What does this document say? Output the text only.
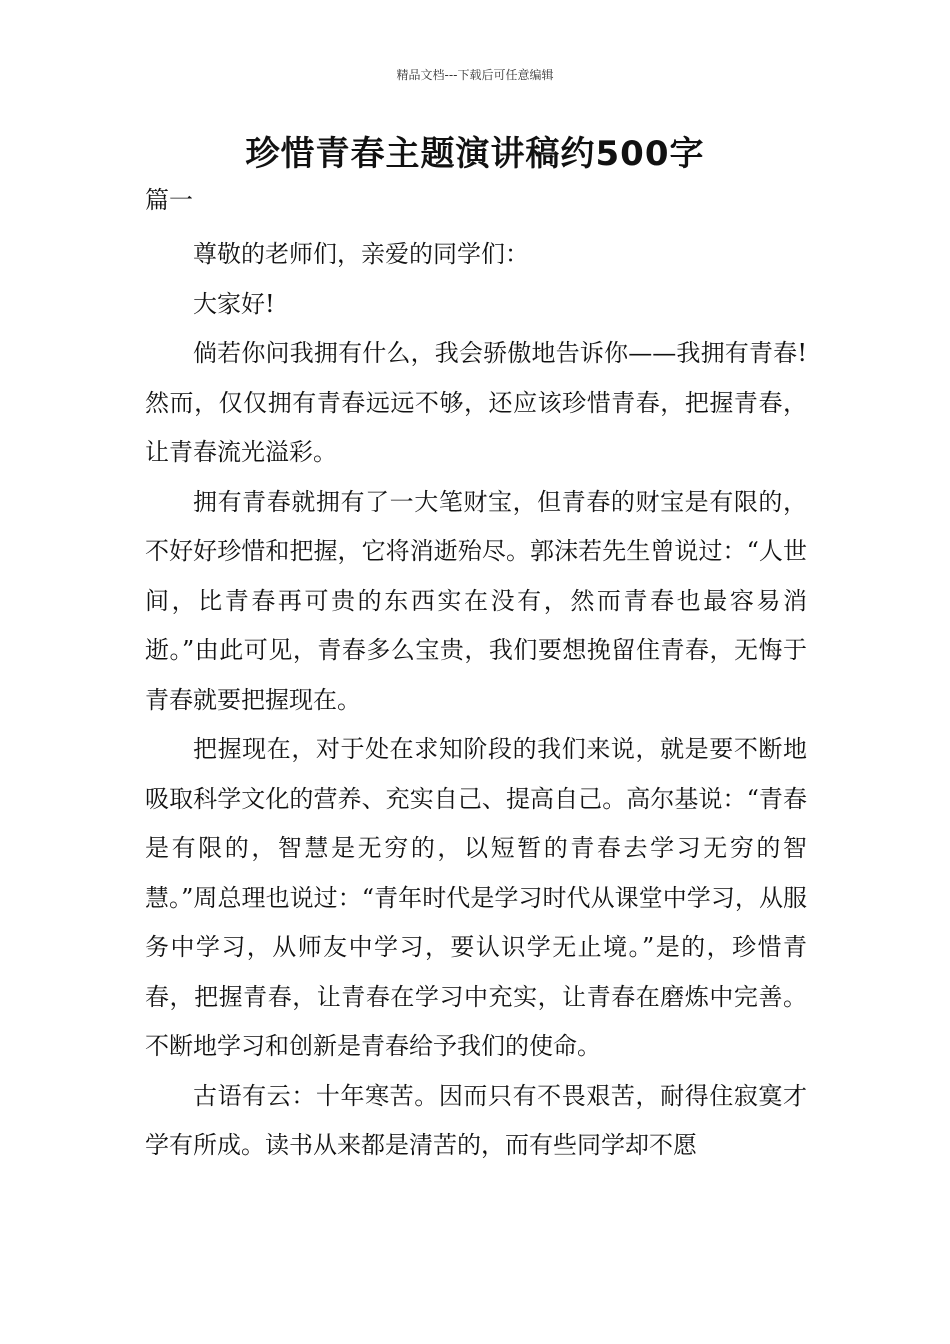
精品文档---下载后可任意编辑
珍惜青春主题演讲稿约500字
篇一

尊敬的老师们，亲爱的同学们：

大家好!

倘若你问我拥有什么，我会骄傲地告诉你——我拥有青春!然而，仅仅拥有青春远远不够，还应该珍惜青春，把握青春，让青春流光溢彩。

拥有青春就拥有了一大笔财宝，但青春的财宝是有限的，不好好珍惜和把握，它将消逝殆尽。郭沫若先生曾说过：“人世间，比青春再可贵的东西实在没有，然而青春也最容易消逝。”由此可见，青春多么宝贵，我们要想挽留住青春，无悔于青春就要把握现在。

把握现在，对于处在求知阶段的我们来说，就是要不断地吸取科学文化的营养、充实自己、提高自己。高尔基说：“青春是有限的，智慧是无穷的，以短暂的青春去学习无穷的智慧。”周总理也说过：“青年时代是学习时代从课堂中学习，从服务中学习，从师友中学习，要认识学无止境。”是的，珍惜青春，把握青春，让青春在学习中充实，让青春在磨炼中完善。不断地学习和创新是青春给予我们的使命。

古语有云：十年寒苦。因而只有不畏艰苦，耐得住寂寞才学有所成。读书从来都是清苦的，而有些同学却不愿
